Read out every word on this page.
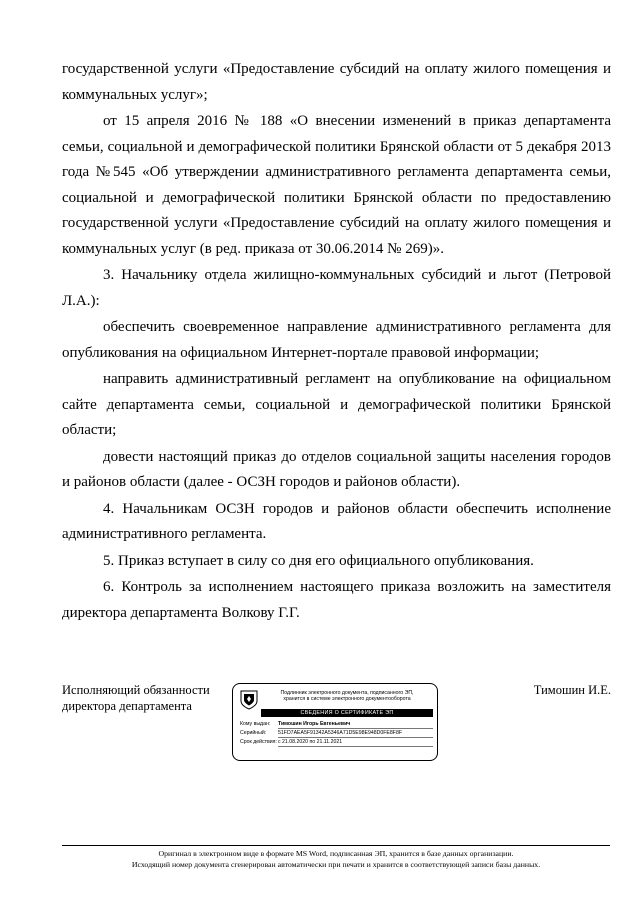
государственной услуги «Предоставление субсидий на оплату жилого помещения и коммунальных услуг»;

от 15 апреля 2016 № 188 «О внесении изменений в приказ департамента семьи, социальной и демографической политики Брянской области от 5 декабря 2013 года №545 «Об утверждении административного регламента департамента семьи, социальной и демографической политики Брянской области по предоставлению государственной услуги «Предоставление субсидий на оплату жилого помещения и коммунальных услуг (в ред. приказа от 30.06.2014 № 269)».

3. Начальнику отдела жилищно-коммунальных субсидий и льгот (Петровой Л.А.):

обеспечить своевременное направление административного регламента для опубликования на официальном Интернет-портале правовой информации;

направить административный регламент на опубликование на официальном сайте департамента семьи, социальной и демографической политики Брянской области;

довести настоящий приказ до отделов социальной защиты населения городов и районов области (далее - ОСЗН городов и районов области).

4. Начальникам ОСЗН городов и районов области обеспечить исполнение административного регламента.

5. Приказ вступает в силу со дня его официального опубликования.

6. Контроль за исполнением настоящего приказа возложить на заместителя директора департамента Волкову Г.Г.

Исполняющий обязанности
директора департамента
Подлинник электронного документа, подписанного ЭП,
хранится в системе электронного документооборота
СВЕДЕНИЯ О СЕРТИФИКАТЕ ЭП
Кому выдан: Тимошин Игорь Евгеньевич
Серийный: 51FD7AEA5F91342A5346A71D5E98E948D0FE8F8F
Срок действия:с 21.08.2020 по 21.11.2021
Тимошин И.Е.
Оригинал в электронном виде в формате MS Word, подписанная ЭП, хранится в базе данных организации.
Исходящий номер документа сгенерирован автоматически при печати и хранится в соответствующей записи базы данных.
